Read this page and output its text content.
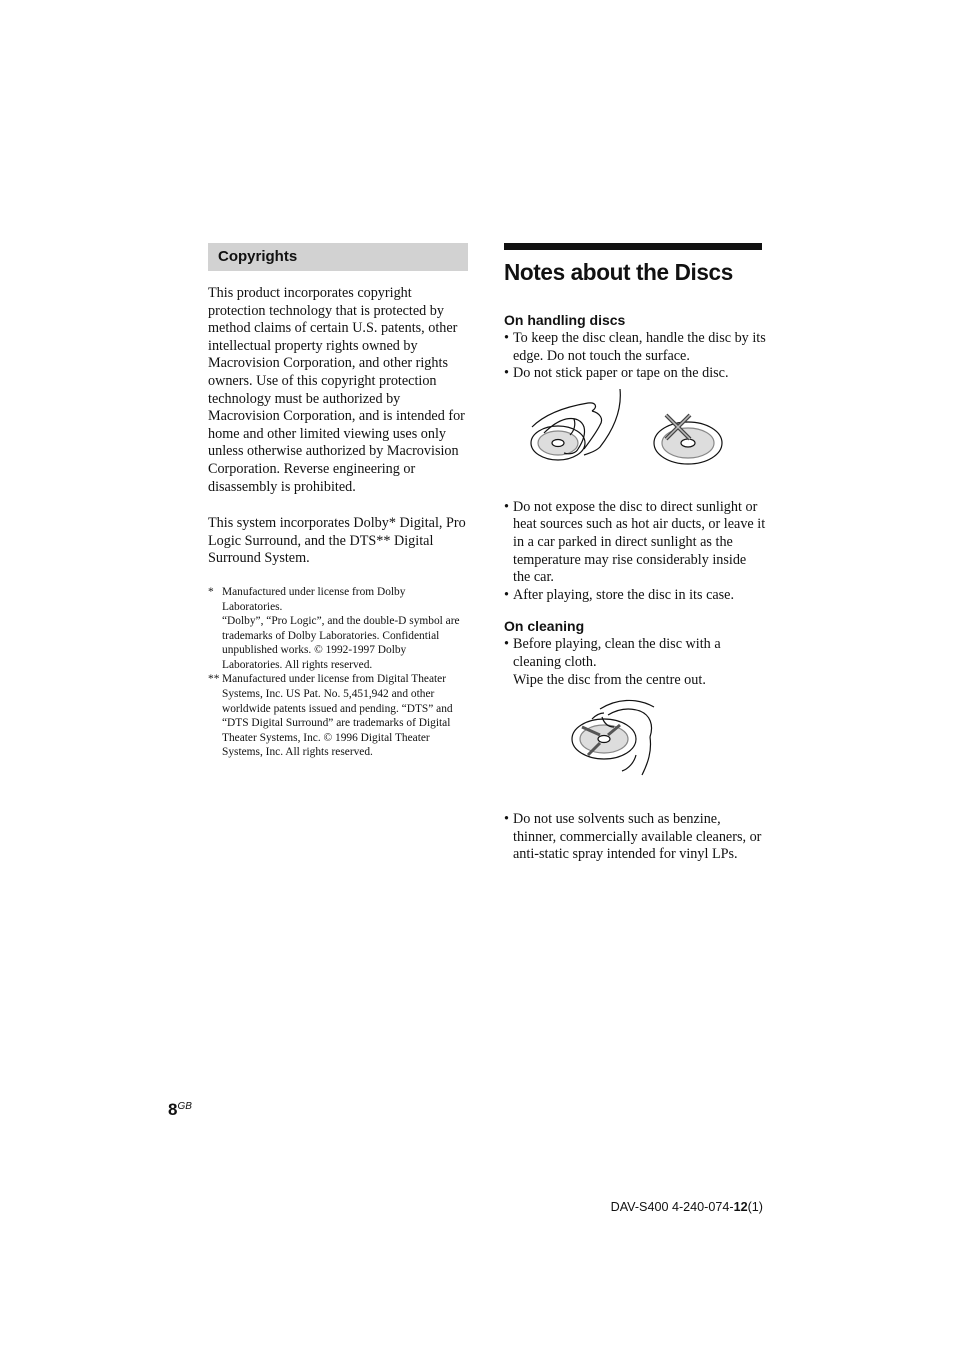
Copyrights

This product incorporates copyright protection technology that is protected by method claims of certain U.S. patents, other intellectual property rights owned by Macrovision Corporation, and other rights owners. Use of this copyright protection technology must be authorized by Macrovision Corporation, and is intended for home and other limited viewing uses only unless otherwise authorized by Macrovision Corporation. Reverse engineering or disassembly is prohibited.

This system incorporates Dolby* Digital, Pro Logic Surround, and the DTS** Digital Surround System.

* Manufactured under license from Dolby Laboratories.
“Dolby”, “Pro Logic”, and the double-D symbol are trademarks of Dolby Laboratories. Confidential unpublished works. © 1992-1997 Dolby Laboratories. All rights reserved.
** Manufactured under license from Digital Theater Systems, Inc. US Pat. No. 5,451,942 and other worldwide patents issued and pending. “DTS” and “DTS Digital Surround” are trademarks of Digital Theater Systems, Inc. © 1996 Digital Theater Systems, Inc. All rights reserved.
Notes about the Discs
On handling discs
• To keep the disc clean, handle the disc by its edge. Do not touch the surface.
• Do not stick paper or tape on the disc.
• Do not expose the disc to direct sunlight or heat sources such as hot air ducts, or leave it in a car parked in direct sunlight as the temperature may rise considerably inside the car.
• After playing, store the disc in its case.
On cleaning
• Before playing, clean the disc with a cleaning cloth.
Wipe the disc from the centre out.
• Do not use solvents such as benzine, thinner, commercially available cleaners, or anti-static spray intended for vinyl LPs.
$8^{GB}$
DAV-S400 4-240-074-12(1)
